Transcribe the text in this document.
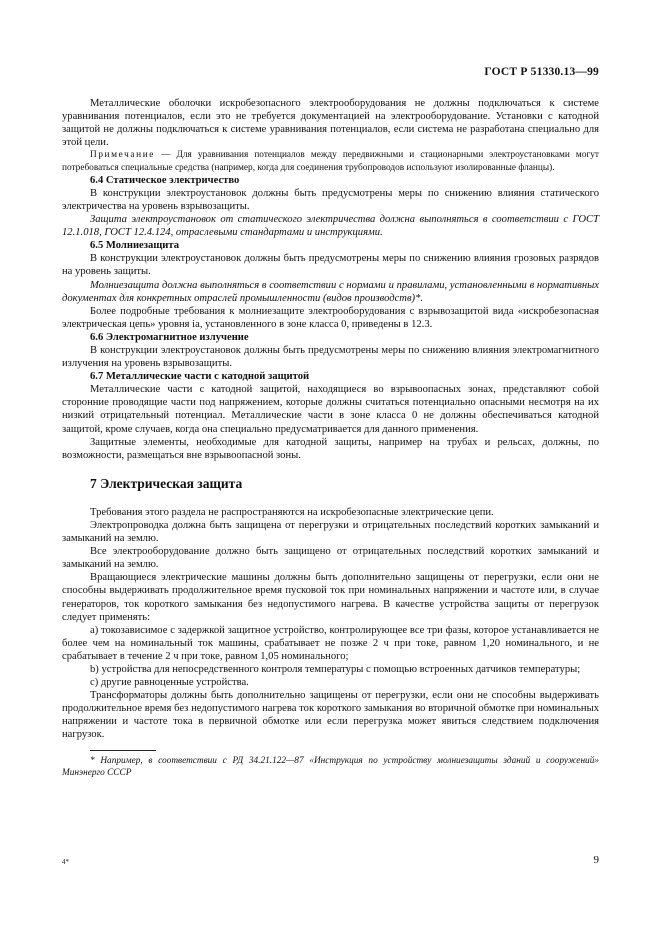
ГОСТ Р 51330.13—99

Металлические оболочки искробезопасного электрооборудования не должны подключаться к системе уравнивания потенциалов, если это не требуется документацией на электрооборудование. Установки с катодной защитой не должны подключаться к системе уравнивания потенциалов, если система не разработана специально для этой цели.

Примечание — Для уравнивания потенциалов между передвижными и стационарными электроустановками могут потребоваться специальные средства (например, когда для соединения трубопроводов используют изолированные фланцы).

6.4 Статическое электричество

В конструкции электроустановок должны быть предусмотрены меры по снижению влияния статического электричества на уровень взрывозащиты.

Защита электроустановок от статического электричества должна выполняться в соответствии с ГОСТ 12.1.018, ГОСТ 12.4.124, отраслевыми стандартами и инструкциями.

6.5 Молниезащита

В конструкции электроустановок должны быть предусмотрены меры по снижению влияния грозовых разрядов на уровень защиты.

Молниезащита должна выполняться в соответствии с нормами и правилами, установленными в нормативных документах для конкретных отраслей промышленности (видов производств)*.

Более подробные требования к молниезащите электрооборудования с взрывозащитой вида «искробезопасная электрическая цепь» уровня ia, установленного в зоне класса 0, приведены в 12.3.

6.6 Электромагнитное излучение

В конструкции электроустановок должны быть предусмотрены меры по снижению влияния электромагнитного излучения на уровень взрывозащиты.

6.7 Металлические части с катодной защитой

Металлические части с катодной защитой, находящиеся во взрывоопасных зонах, представляют собой сторонние проводящие части под напряжением, которые должны считаться потенциально опасными несмотря на их низкий отрицательный потенциал. Металлические части в зоне класса 0 не должны обеспечиваться катодной защитой, кроме случаев, когда она специально предусматривается для данного применения.

Защитные элементы, необходимые для катодной защиты, например на трубах и рельсах, должны, по возможности, размещаться вне взрывоопасной зоны.

7 Электрическая защита

Требования этого раздела не распространяются на искробезопасные электрические цепи.

Электропроводка должна быть защищена от перегрузки и отрицательных последствий коротких замыканий и замыканий на землю.

Все электрооборудование должно быть защищено от отрицательных последствий коротких замыканий и замыканий на землю.

Вращающиеся электрические машины должны быть дополнительно защищены от перегрузки, если они не способны выдерживать продолжительное время пусковой ток при номинальных напряжении и частоте или, в случае генераторов, ток короткого замыкания без недопустимого нагрева. В качестве устройства защиты от перегрузок следует применять:

а) токозависимое с задержкой защитное устройство, контролирующее все три фазы, которое устанавливается не более чем на номинальный ток машины, срабатывает не позже 2 ч при токе, равном 1,20 номинального, и не срабатывает в течение 2 ч при токе, равном 1,05 номинального;

b) устройства для непосредственного контроля температуры с помощью встроенных датчиков температуры;

с) другие равноценные устройства.

Трансформаторы должны быть дополнительно защищены от перегрузки, если они не способны выдерживать продолжительное время без недопустимого нагрева ток короткого замыкания во вторичной обмотке при номинальных напряжении и частоте тока в первичной обмотке или если перегрузка может явиться следствием подключения нагрузок.

* Например, в соответствии с РД 34.21.122—87 «Инструкция по устройству молниезащиты зданий и сооружений» Минэнерго СССР

4*	9
